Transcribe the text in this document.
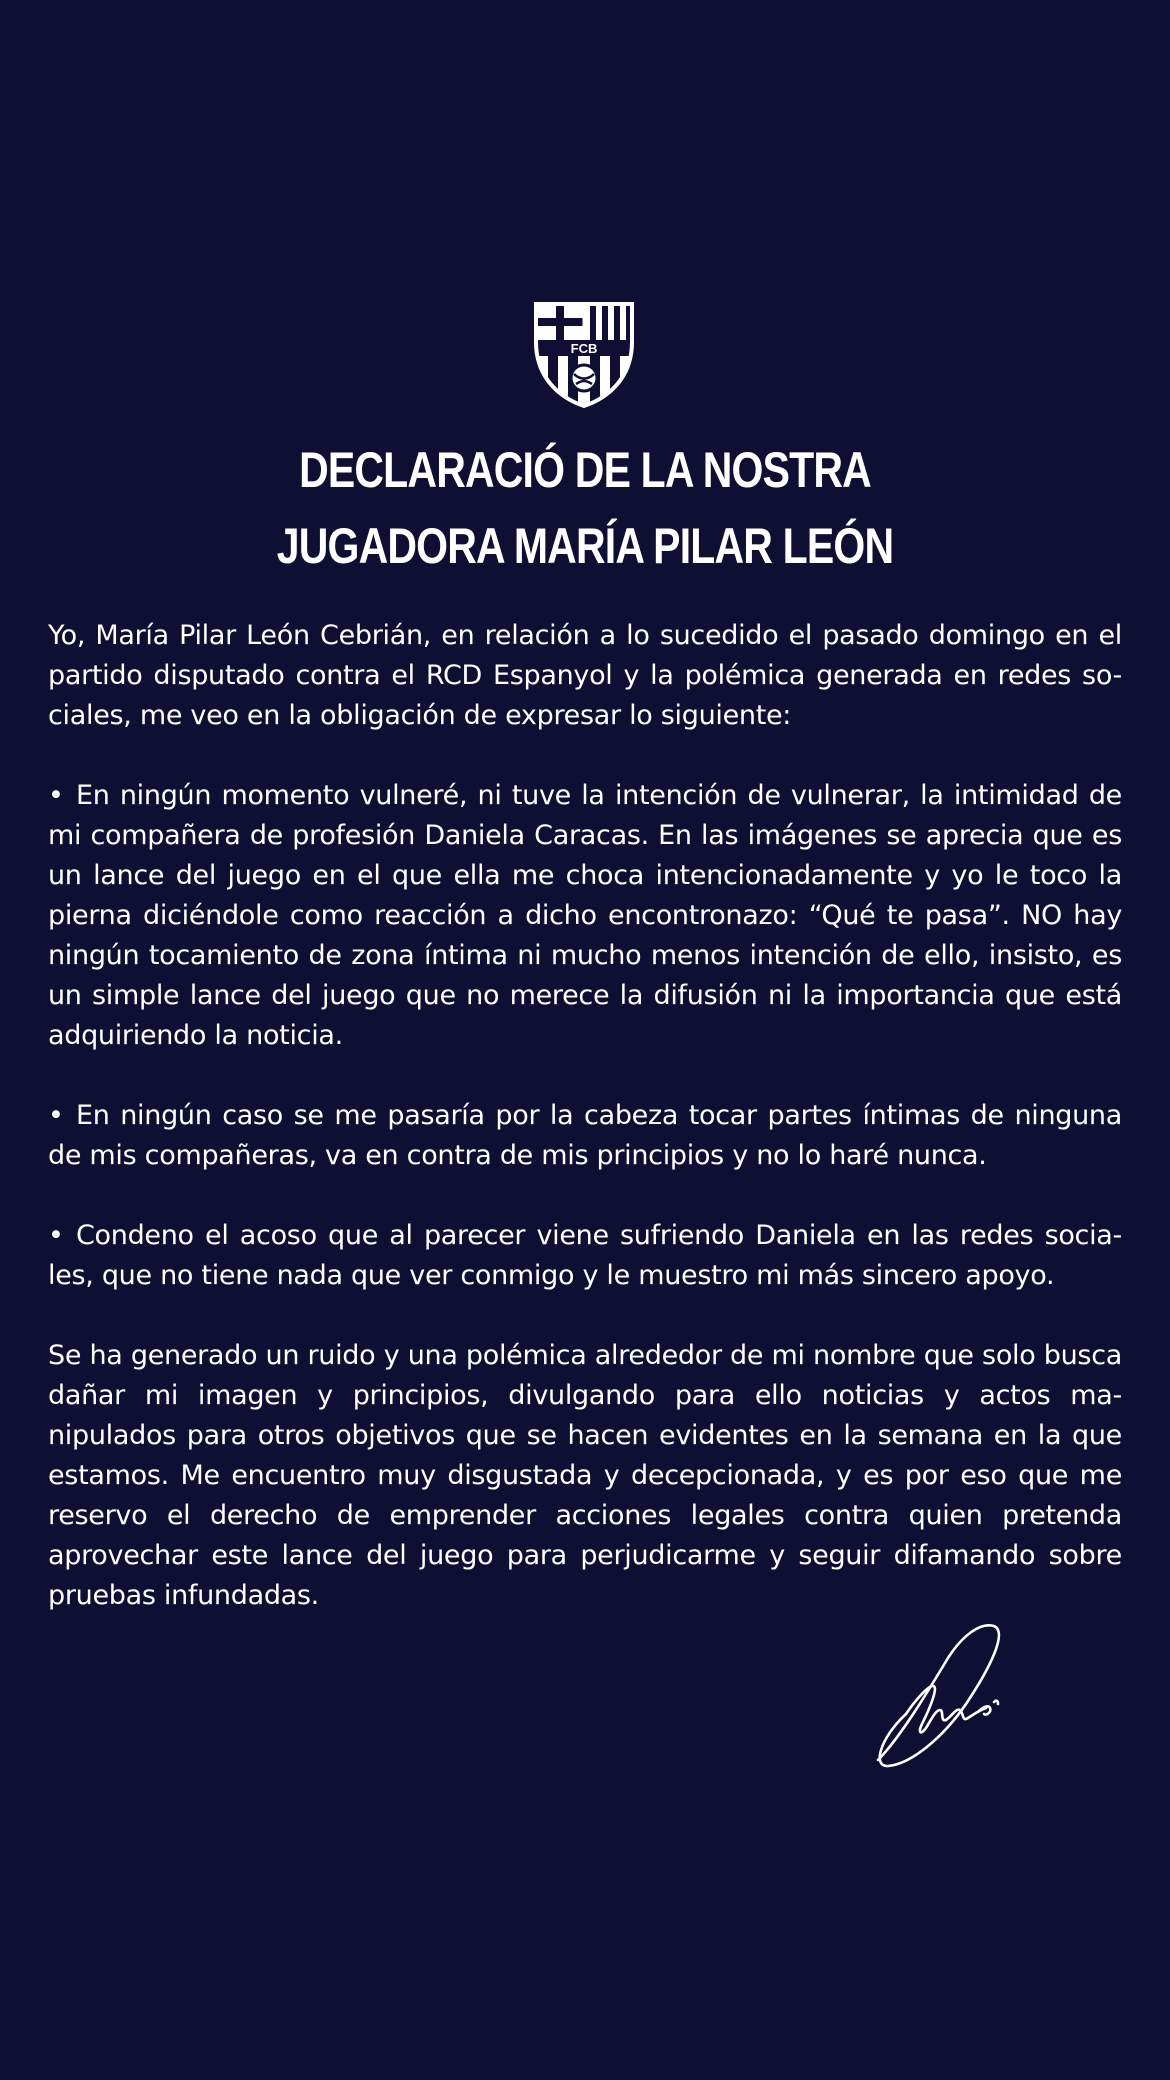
FCB
DECLARACIÓ DE LA NOSTRA
JUGADORA MARÍA PILAR LEÓN

Yo, María Pilar León Cebrián, en relación a lo sucedido el pasado domingo en el partido disputado contra el RCD Espanyol y la polémica generada en redes so-ciales, me veo en la obligación de expresar lo siguiente:

• En ningún momento vulneré, ni tuve la intención de vulnerar, la intimidad de mi compañera de profesión Daniela Caracas. En las imágenes se aprecia que es un lance del juego en el que ella me choca intencionadamente y yo le toco la pierna diciéndole como reacción a dicho encontronazo: “Qué te pasa”. NO hay ningún tocamiento de zona íntima ni mucho menos intención de ello, insisto, es un simple lance del juego que no merece la difusión ni la importancia que está adquiriendo la noticia.

• En ningún caso se me pasaría por la cabeza tocar partes íntimas de ninguna de mis compañeras, va en contra de mis principios y no lo haré nunca.

• Condeno el acoso que al parecer viene sufriendo Daniela en las redes socia-les, que no tiene nada que ver conmigo y le muestro mi más sincero apoyo.

Se ha generado un ruido y una polémica alrededor de mi nombre que solo busca dañar mi imagen y principios, divulgando para ello noticias y actos ma-nipulados para otros objetivos que se hacen evidentes en la semana en la que estamos. Me encuentro muy disgustada y decepcionada, y es por eso que me reservo el derecho de emprender acciones legales contra quien pretenda aprovechar este lance del juego para perjudicarme y seguir difamando sobre pruebas infundadas.
